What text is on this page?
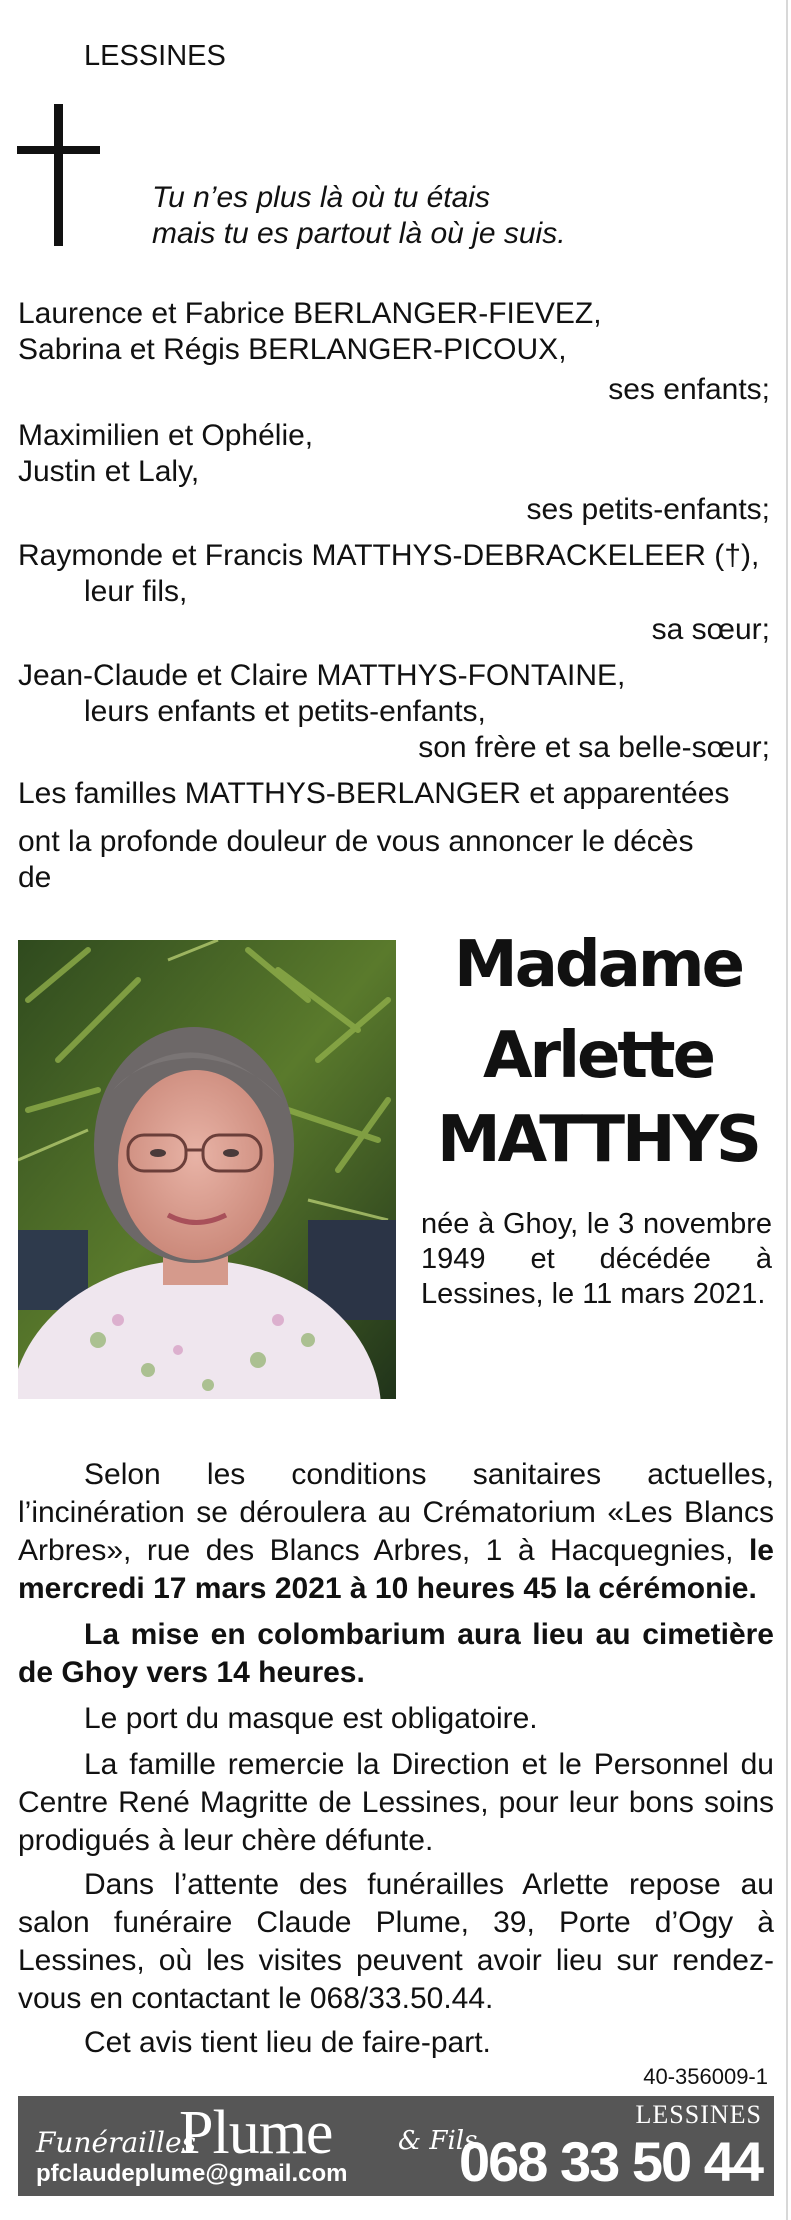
LESSINES
Tu n’es plus là où tu étais
mais tu es partout là où je suis.
Laurence et Fabrice BERLANGER-FIEVEZ,
Sabrina et Régis BERLANGER-PICOUX,
ses enfants;
Maximilien et Ophélie,
Justin et Laly,
ses petits-enfants;
Raymonde et Francis MATTHYS-DEBRACKELEER (†),
leur fils,
sa sœur;
Jean-Claude et Claire MATTHYS-FONTAINE,
leurs enfants et petits-enfants,
son frère et sa belle-sœur;
Les familles MATTHYS-BERLANGER et apparentées
ont la profonde douleur de vous annoncer le décès
de
Madame
Arlette
MATTHYS
née à Ghoy, le 3 novembre 1949 et décédée à Lessines, le 11 mars 2021.
Selon les conditions sanitaires actuelles, l’incinération se déroulera au Crématorium «Les Blancs Arbres», rue des Blancs Arbres, 1 à Hacquegnies, le mercredi 17 mars 2021 à 10 heures 45 la cérémonie.
La mise en colombarium aura lieu au cimetière de Ghoy vers 14 heures.
Le port du masque est obligatoire.
La famille remercie la Direction et le Personnel du Centre René Magritte de Lessines, pour leur bons soins prodigués à leur chère défunte.
Dans l’attente des funérailles Arlette repose au salon funéraire Claude Plume, 39, Porte d’Ogy à Lessines, où les visites peuvent avoir lieu sur rendez-vous en contactant le 068/33.50.44.
Cet avis tient lieu de faire-part.
40-356009-1
Funérailles
Plume	& Fils
pfclaudeplume@gmail.com
LESSINES
068 33 50 44
